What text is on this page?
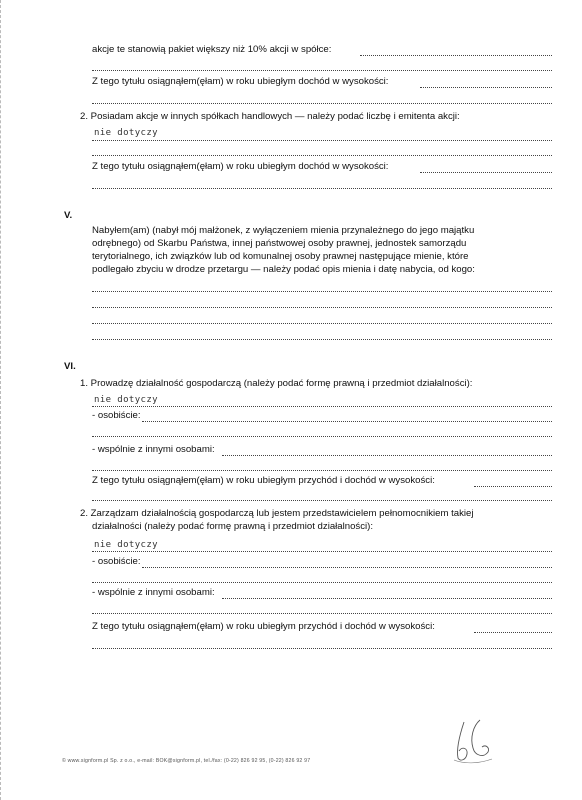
akcje te stanowią pakiet większy niż 10% akcji w spółce:
Z tego tytułu osiągnąłem(ęłam) w roku ubiegłym dochód w wysokości:
2. Posiadam akcje w innych spółkach handlowych — należy podać liczbę i emitenta akcji:
nie dotyczy
Z tego tytułu osiągnąłem(ęłam) w roku ubiegłym dochód w wysokości:
V.
Nabyłem(am) (nabył mój małżonek, z wyłączeniem mienia przynależnego do jego majątku
odrębnego) od Skarbu Państwa, innej państwowej osoby prawnej, jednostek samorządu
terytorialnego, ich związków lub od komunalnej osoby prawnej następujące mienie, które
podlegało zbyciu w drodze przetargu — należy podać opis mienia i datę nabycia, od kogo:
VI.
1. Prowadzę działalność gospodarczą (należy podać formę prawną i przedmiot działalności):
nie dotyczy
- osobiście:
- wspólnie z innymi osobami:
Z tego tytułu osiągnąłem(ęłam) w roku ubiegłym przychód i dochód w wysokości:
2. Zarządzam działalnością gospodarczą lub jestem przedstawicielem pełnomocnikiem takiej
działalności (należy podać formę prawną i przedmiot działalności):
nie dotyczy
- osobiście:
- wspólnie z innymi osobami:
Z tego tytułu osiągnąłem(ęłam) w roku ubiegłym przychód i dochód w wysokości:
© www.signform.pl Sp. z o.o., e-mail: BOK@signform.pl, tel./fax: (0-22) 826 92 95, (0-22) 826 92 97
